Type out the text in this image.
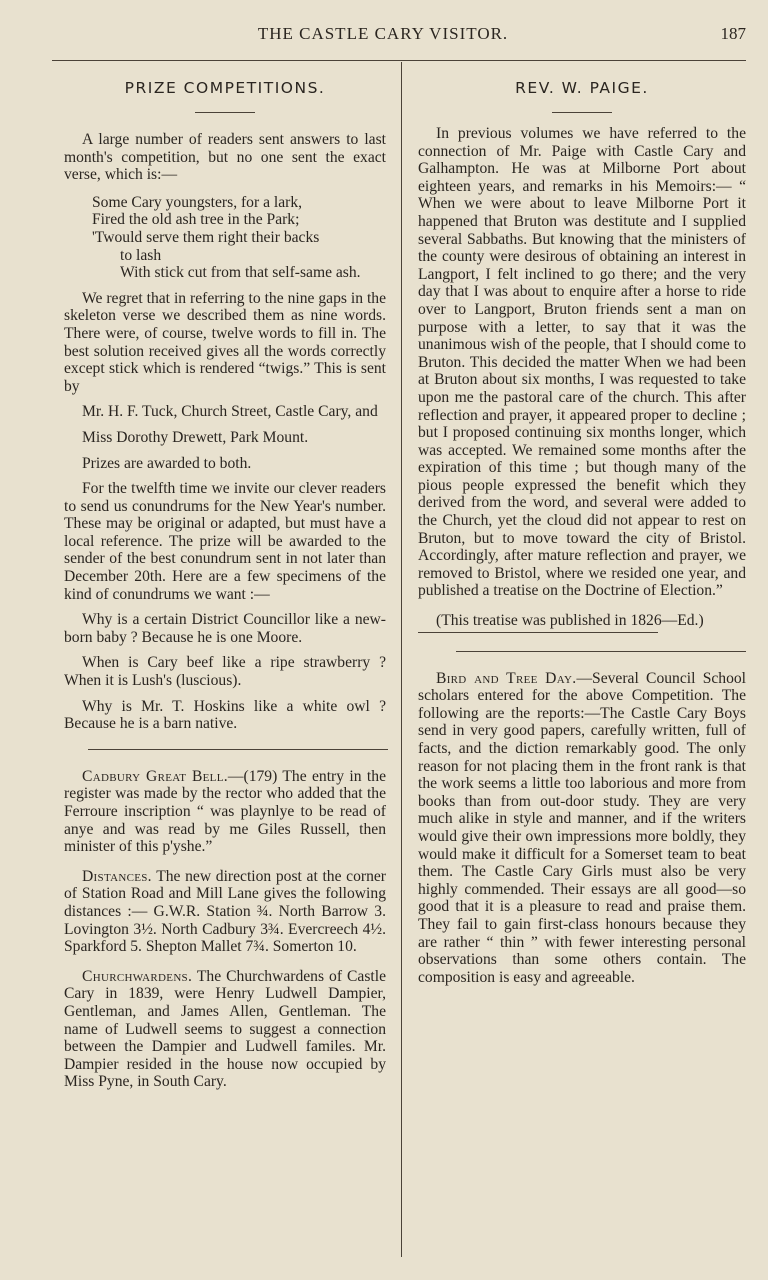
THE CASTLE CARY VISITOR.	187
PRIZE COMPETITIONS.

A large number of readers sent answers to last month's competition, but no one sent the exact verse, which is:—

Some Cary youngsters, for a lark,
Fired the old ash tree in the Park;
'Twould serve them right their backs
to lash
With stick cut from that self-same ash.

We regret that in referring to the nine gaps in the skeleton verse we described them as nine words. There were, of course, twelve words to fill in. The best solution received gives all the words correctly except stick which is rendered “twigs.” This is sent by

Mr. H. F. Tuck, Church Street, Castle Cary, and

Miss Dorothy Drewett, Park Mount.

Prizes are awarded to both.

For the twelfth time we invite our clever readers to send us conundrums for the New Year's number. These may be original or adapted, but must have a local reference. The prize will be awarded to the sender of the best conundrum sent in not later than December 20th. Here are a few specimens of the kind of conundrums we want :—

Why is a certain District Councillor like a new-born baby ? Because he is one Moore.

When is Cary beef like a ripe strawberry ? When it is Lush's (luscious).

Why is Mr. T. Hoskins like a white owl ? Because he is a barn native.

Cadbury Great Bell.—(179) The entry in the register was made by the rector who added that the Ferroure inscription “ was playnlye to be read of anye and was read by me Giles Russell, then minister of this p'yshe.”

Distances. The new direction post at the corner of Station Road and Mill Lane gives the following distances :— G.W.R. Station ¾. North Barrow 3. Lovington 3½. North Cadbury 3¾. Evercreech 4½. Sparkford 5. Shepton Mallet 7¾. Somerton 10.

Churchwardens. The Churchwardens of Castle Cary in 1839, were Henry Ludwell Dampier, Gentleman, and James Allen, Gentleman. The name of Ludwell seems to suggest a connection between the Dampier and Ludwell familes. Mr. Dampier resided in the house now occupied by Miss Pyne, in South Cary.

REV. W. PAIGE.

In previous volumes we have referred to the connection of Mr. Paige with Castle Cary and Galhampton. He was at Milborne Port about eighteen years, and remarks in his Memoirs:— “ When we were about to leave Milborne Port it happened that Bruton was destitute and I supplied several Sabbaths. But knowing that the ministers of the county were desirous of obtaining an interest in Langport, I felt inclined to go there; and the very day that I was about to enquire after a horse to ride over to Langport, Bruton friends sent a man on purpose with a letter, to say that it was the unanimous wish of the people, that I should come to Bruton. This decided the matter When we had been at Bruton about six months, I was requested to take upon me the pastoral care of the church. This after reflection and prayer, it appeared proper to decline ; but I proposed continuing six months longer, which was accepted. We remained some months after the expiration of this time ; but though many of the pious people expressed the benefit which they derived from the word, and several were added to the Church, yet the cloud did not appear to rest on Bruton, but to move toward the city of Bristol. Accordingly, after mature reflection and prayer, we removed to Bristol, where we resided one year, and published a treatise on the Doctrine of Election.”

(This treatise was published in 1826—Ed.)

Bird and Tree Day.—Several Council School scholars entered for the above Competition. The following are the reports:—The Castle Cary Boys send in very good papers, carefully written, full of facts, and the diction remarkably good. The only reason for not placing them in the front rank is that the work seems a little too laborious and more from books than from out-door study. They are very much alike in style and manner, and if the writers would give their own impressions more boldly, they would make it difficult for a Somerset team to beat them. The Castle Cary Girls must also be very highly commended. Their essays are all good—so good that it is a pleasure to read and praise them. They fail to gain first-class honours because they are rather “ thin ” with fewer interesting personal observations than some others contain. The composition is easy and agreeable.
